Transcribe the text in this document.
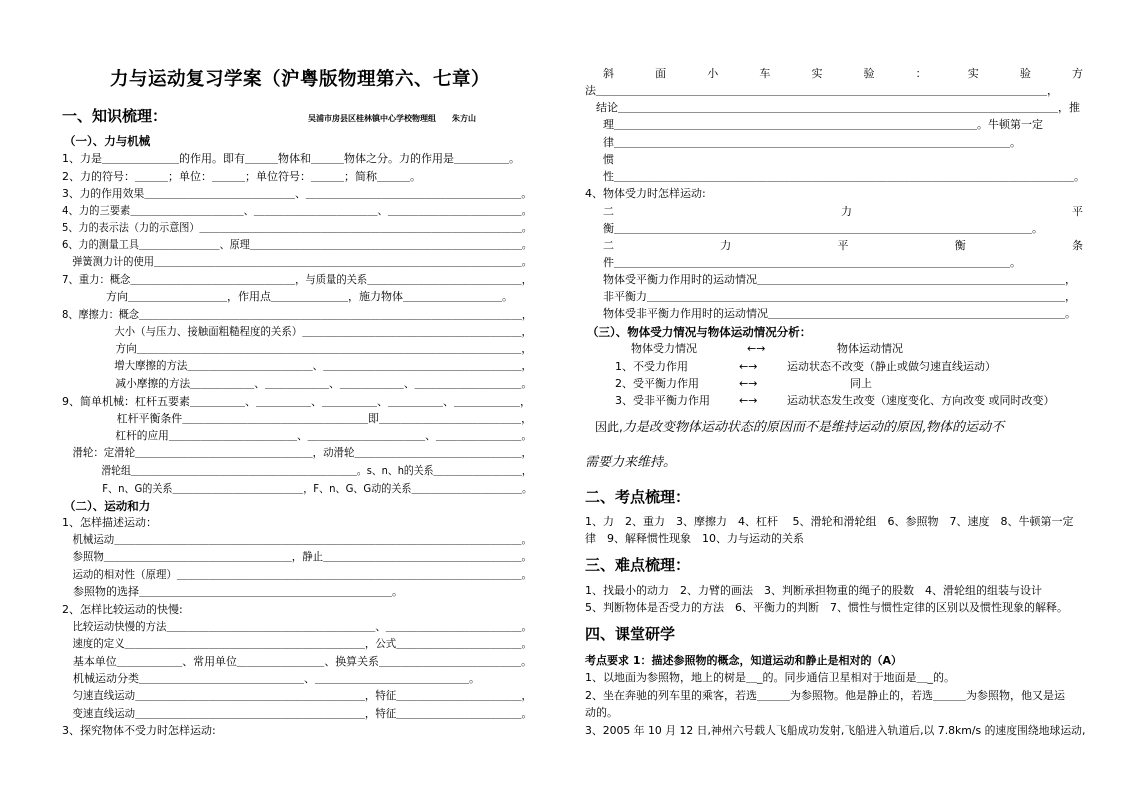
力与运动复习学案（沪粤版物理第六、七章）
一、知识梳理：	吴浦市房县区桂林镇中心学校物理组　　朱方山
（一）、力与机械
1、力是＿＿＿＿＿＿＿的作用。即有＿＿＿物体和＿＿＿物体之分。力的作用是＿＿＿＿＿。
2、力的符号：＿＿＿；单位：＿＿＿；单位符号：＿＿＿；简称＿＿＿。
3、力的作用效果＿＿＿＿＿＿＿＿＿＿＿＿＿＿、＿＿＿＿＿＿＿＿＿＿＿＿＿＿＿＿＿＿＿＿。
4、力的三要素＿＿＿＿＿＿＿＿＿＿＿、＿＿＿＿＿＿＿＿＿＿＿＿、＿＿＿＿＿＿＿＿＿＿＿＿＿。
5、力的表示法（力的示意图）＿＿＿＿＿＿＿＿＿＿＿＿＿＿＿＿＿＿＿＿＿＿＿＿＿＿＿＿＿＿＿＿。
6、力的测量工具＿＿＿＿＿＿＿＿、原理＿＿＿＿＿＿＿＿＿＿＿＿＿＿＿＿＿＿＿＿＿＿＿＿＿＿＿。
　弹簧测力计的使用＿＿＿＿＿＿＿＿＿＿＿＿＿＿＿＿＿＿＿＿＿＿＿＿＿＿＿＿＿＿＿＿＿＿＿＿。
7、重力：概念＿＿＿＿＿＿＿＿＿＿＿＿＿＿＿＿，与质量的关系＿＿＿＿＿＿＿＿＿＿＿＿＿＿＿，
　　　　方向＿＿＿＿＿＿＿＿＿，作用点＿＿＿＿＿＿＿，施力物体＿＿＿＿＿＿＿＿＿。
8、摩擦力：概念＿＿＿＿＿＿＿＿＿＿＿＿＿＿＿＿＿＿＿＿＿＿＿＿＿＿＿＿＿＿＿＿＿＿＿＿＿＿，
　　　　　大小（与压力、接触面粗糙程度的关系）＿＿＿＿＿＿＿＿＿＿＿＿＿＿＿＿＿＿＿＿＿，
　　　　　方向＿＿＿＿＿＿＿＿＿＿＿＿＿＿＿＿＿＿＿＿＿＿＿＿＿＿＿＿＿＿＿＿＿＿＿＿，
　　　　　增大摩擦的方法＿＿＿＿＿＿＿＿＿＿＿＿、＿＿＿＿＿＿＿＿＿＿＿＿＿＿＿＿＿＿＿，
　　　　　减小摩擦的方法＿＿＿＿＿＿、＿＿＿＿＿＿、＿＿＿＿＿＿、＿＿＿＿＿＿＿＿＿＿。
9、简单机械：杠杆五要素＿＿＿＿＿、＿＿＿＿＿、＿＿＿＿＿、＿＿＿＿＿、＿＿＿＿＿＿，
　　　　　杠杆平衡条件＿＿＿＿＿＿＿＿＿＿＿＿＿＿＿＿＿即＿＿＿＿＿＿＿＿＿＿＿＿＿，
　　　　　杠杆的应用＿＿＿＿＿＿＿＿＿＿＿＿、＿＿＿＿＿＿＿＿＿＿＿、＿＿＿＿＿＿＿＿。
　滑轮：定滑轮＿＿＿＿＿＿＿＿＿＿＿＿＿＿＿＿＿，动滑轮＿＿＿＿＿＿＿＿＿＿＿＿＿＿＿＿，
　　　　滑轮组＿＿＿＿＿＿＿＿＿＿＿＿＿＿＿＿＿＿＿＿＿＿＿。s、n、h的关系＿＿＿＿＿＿＿＿＿，
　　　　F、n、G的关系＿＿＿＿＿＿＿＿＿＿＿＿＿，F、n、G、G动的关系＿＿＿＿＿＿＿＿＿＿＿。
（二）、运动和力
1、怎样描述运动：
　机械运动＿＿＿＿＿＿＿＿＿＿＿＿＿＿＿＿＿＿＿＿＿＿＿＿＿＿＿＿＿＿＿＿＿＿＿＿＿＿＿。
　参照物＿＿＿＿＿＿＿＿＿＿＿＿＿＿＿＿＿＿，静止＿＿＿＿＿＿＿＿＿＿＿＿＿＿＿＿＿＿＿。
　运动的相对性（原理）＿＿＿＿＿＿＿＿＿＿＿＿＿＿＿＿＿＿＿＿＿＿＿＿＿＿＿＿＿＿＿＿＿。
　参照物的选择＿＿＿＿＿＿＿＿＿＿＿＿＿＿＿＿＿＿＿＿＿＿＿。
2、怎样比较运动的快慢:
　比较运动快慢的方法＿＿＿＿＿＿＿＿＿＿＿＿＿＿＿＿＿＿＿＿、＿＿＿＿＿＿＿＿＿＿＿＿＿。
　速度的定义＿＿＿＿＿＿＿＿＿＿＿＿＿＿＿＿＿＿＿＿＿＿＿，公式＿＿＿＿＿＿＿＿＿＿＿＿。
　基本单位＿＿＿＿＿＿、常用单位＿＿＿＿＿＿＿＿、换算关系＿＿＿＿＿＿＿＿＿＿＿＿＿。
　机械运动分类＿＿＿＿＿＿＿＿＿＿＿＿＿＿＿、＿＿＿＿＿＿＿＿＿＿＿＿＿＿。
　匀速直线运动＿＿＿＿＿＿＿＿＿＿＿＿＿＿＿＿＿＿＿＿＿＿，特征＿＿＿＿＿＿＿＿＿＿＿＿，
　变速直线运动＿＿＿＿＿＿＿＿＿＿＿＿＿＿＿＿＿＿＿＿＿＿，特征＿＿＿＿＿＿＿＿＿＿＿＿。
3、探究物体不受力时怎样运动:
斜	面	小	车	实	验	：	实	验	方
法＿＿＿＿＿＿＿＿＿＿＿＿＿＿＿＿＿＿＿＿＿＿＿＿＿＿＿＿＿＿＿＿＿＿＿＿＿＿＿＿＿，
　结论＿＿＿＿＿＿＿＿＿＿＿＿＿＿＿＿＿＿＿＿＿＿＿＿＿＿＿＿＿＿＿＿＿＿＿＿＿＿＿＿，推
理＿＿＿＿＿＿＿＿＿＿＿＿＿＿＿＿＿＿＿＿＿＿＿＿＿＿＿＿＿＿＿＿＿。牛顿第一定
律＿＿＿＿＿＿＿＿＿＿＿＿＿＿＿＿＿＿＿＿＿＿＿＿＿＿＿＿＿＿＿＿＿＿＿＿。
惯
性＿＿＿＿＿＿＿＿＿＿＿＿＿＿＿＿＿＿＿＿＿＿＿＿＿＿＿＿＿＿＿＿＿＿＿＿＿＿＿＿＿＿。
4、物体受力时怎样运动:
二	力	平
衡＿＿＿＿＿＿＿＿＿＿＿＿＿＿＿＿＿＿＿＿＿＿＿＿＿＿＿＿＿＿＿＿＿＿＿＿＿＿。
二	力	平	衡	条
件＿＿＿＿＿＿＿＿＿＿＿＿＿＿＿＿＿＿＿＿＿＿＿＿＿＿＿＿＿＿＿＿＿＿＿＿。
物体受平衡力作用时的运动情况＿＿＿＿＿＿＿＿＿＿＿＿＿＿＿＿＿＿＿＿＿＿＿＿＿＿＿＿，
非平衡力＿＿＿＿＿＿＿＿＿＿＿＿＿＿＿＿＿＿＿＿＿＿＿＿＿＿＿＿＿＿＿＿＿＿＿＿＿＿，
物体受非平衡力作用时的运动情况＿＿＿＿＿＿＿＿＿＿＿＿＿＿＿＿＿＿＿＿＿＿＿＿＿＿＿。
（三）、物体受力情况与物体运动情况分析：
物体受力情况	←→	物体运动情况
1、不受力作用	←→	运动状态不改变（静止或做匀速直线运动）
2、受平衡力作用	←→	同上
3、受非平衡力作用	←→	运动状态发生改变（速度变化、方向改变 或同时改变）
因此,力是改变物体运动状态的原因而不是维持运动的原因,物体的运动不
需要力来维持。
二、考点梳理：
1、力　2、重力　3、摩擦力　4、杠杆　 5、滑轮和滑轮组　6、参照物　7、速度　8、牛顿第一定
律　9、解释惯性现象　10、力与运动的关系
三、难点梳理：
1、找最小的动力　2、力臂的画法　3、判断承担物重的绳子的股数　4、滑轮组的组装与设计
5、判断物体是否受力的方法　6、平衡力的判断　7、惯性与惯性定律的区别以及惯性现象的解释。
四、课堂研学
考点要求 1：描述参照物的概念，知道运动和静止是相对的（A）
1、以地面为参照物，地上的树是＿_的。同步通信卫星相对于地面是＿_的。
2、坐在奔驰的列车里的乘客，若选＿＿＿为参照物。他是静止的，若选＿＿＿为参照物，他又是运
动的。
3、2005 年 10 月 12 日,神州六号载人飞船成功发射,飞船进入轨道后,以 7.8km/s 的速度围绕地球运动,
